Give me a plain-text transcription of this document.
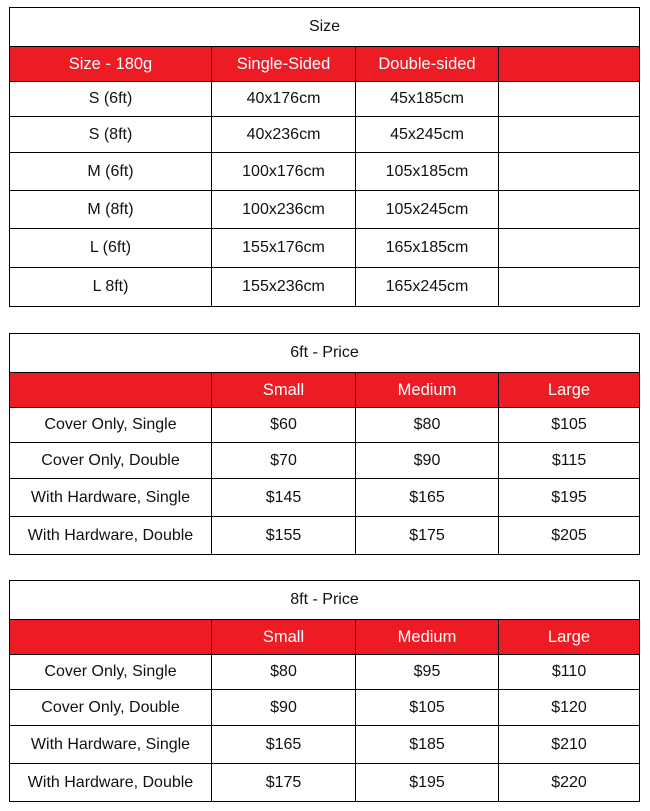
Size			
Size - 180g	Single-Sided	Double-sided	
S (6ft)	40x176cm	45x185cm	
S (8ft)	40x236cm	45x245cm	
M (6ft)	100x176cm	105x185cm	
M (8ft)	100x236cm	105x245cm	
L (6ft)	155x176cm	165x185cm	
L 8ft)	155x236cm	165x245cm	
6ft - Price			
	Small	Medium	Large
Cover Only, Single	$60	$80	$105
Cover Only, Double	$70	$90	$115
With Hardware, Single	$145	$165	$195
With Hardware, Double	$155	$175	$205
8ft - Price			
	Small	Medium	Large
Cover Only, Single	$80	$95	$110
Cover Only, Double	$90	$105	$120
With Hardware, Single	$165	$185	$210
With Hardware, Double	$175	$195	$220
